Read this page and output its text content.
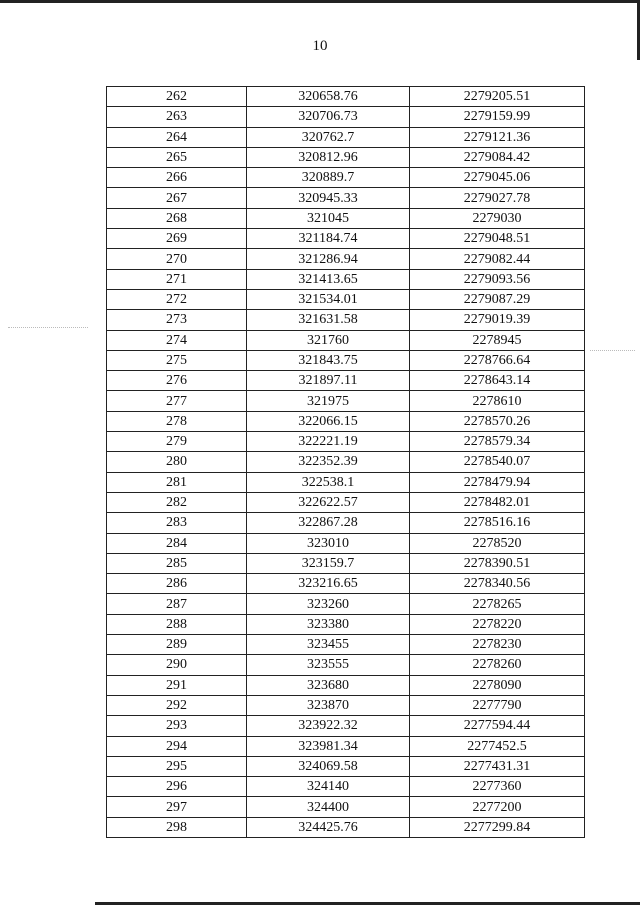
10
262	320658.76	2279205.51
263	320706.73	2279159.99
264	320762.7	2279121.36
265	320812.96	2279084.42
266	320889.7	2279045.06
267	320945.33	2279027.78
268	321045	2279030
269	321184.74	2279048.51
270	321286.94	2279082.44
271	321413.65	2279093.56
272	321534.01	2279087.29
273	321631.58	2279019.39
274	321760	2278945
275	321843.75	2278766.64
276	321897.11	2278643.14
277	321975	2278610
278	322066.15	2278570.26
279	322221.19	2278579.34
280	322352.39	2278540.07
281	322538.1	2278479.94
282	322622.57	2278482.01
283	322867.28	2278516.16
284	323010	2278520
285	323159.7	2278390.51
286	323216.65	2278340.56
287	323260	2278265
288	323380	2278220
289	323455	2278230
290	323555	2278260
291	323680	2278090
292	323870	2277790
293	323922.32	2277594.44
294	323981.34	2277452.5
295	324069.58	2277431.31
296	324140	2277360
297	324400	2277200
298	324425.76	2277299.84
